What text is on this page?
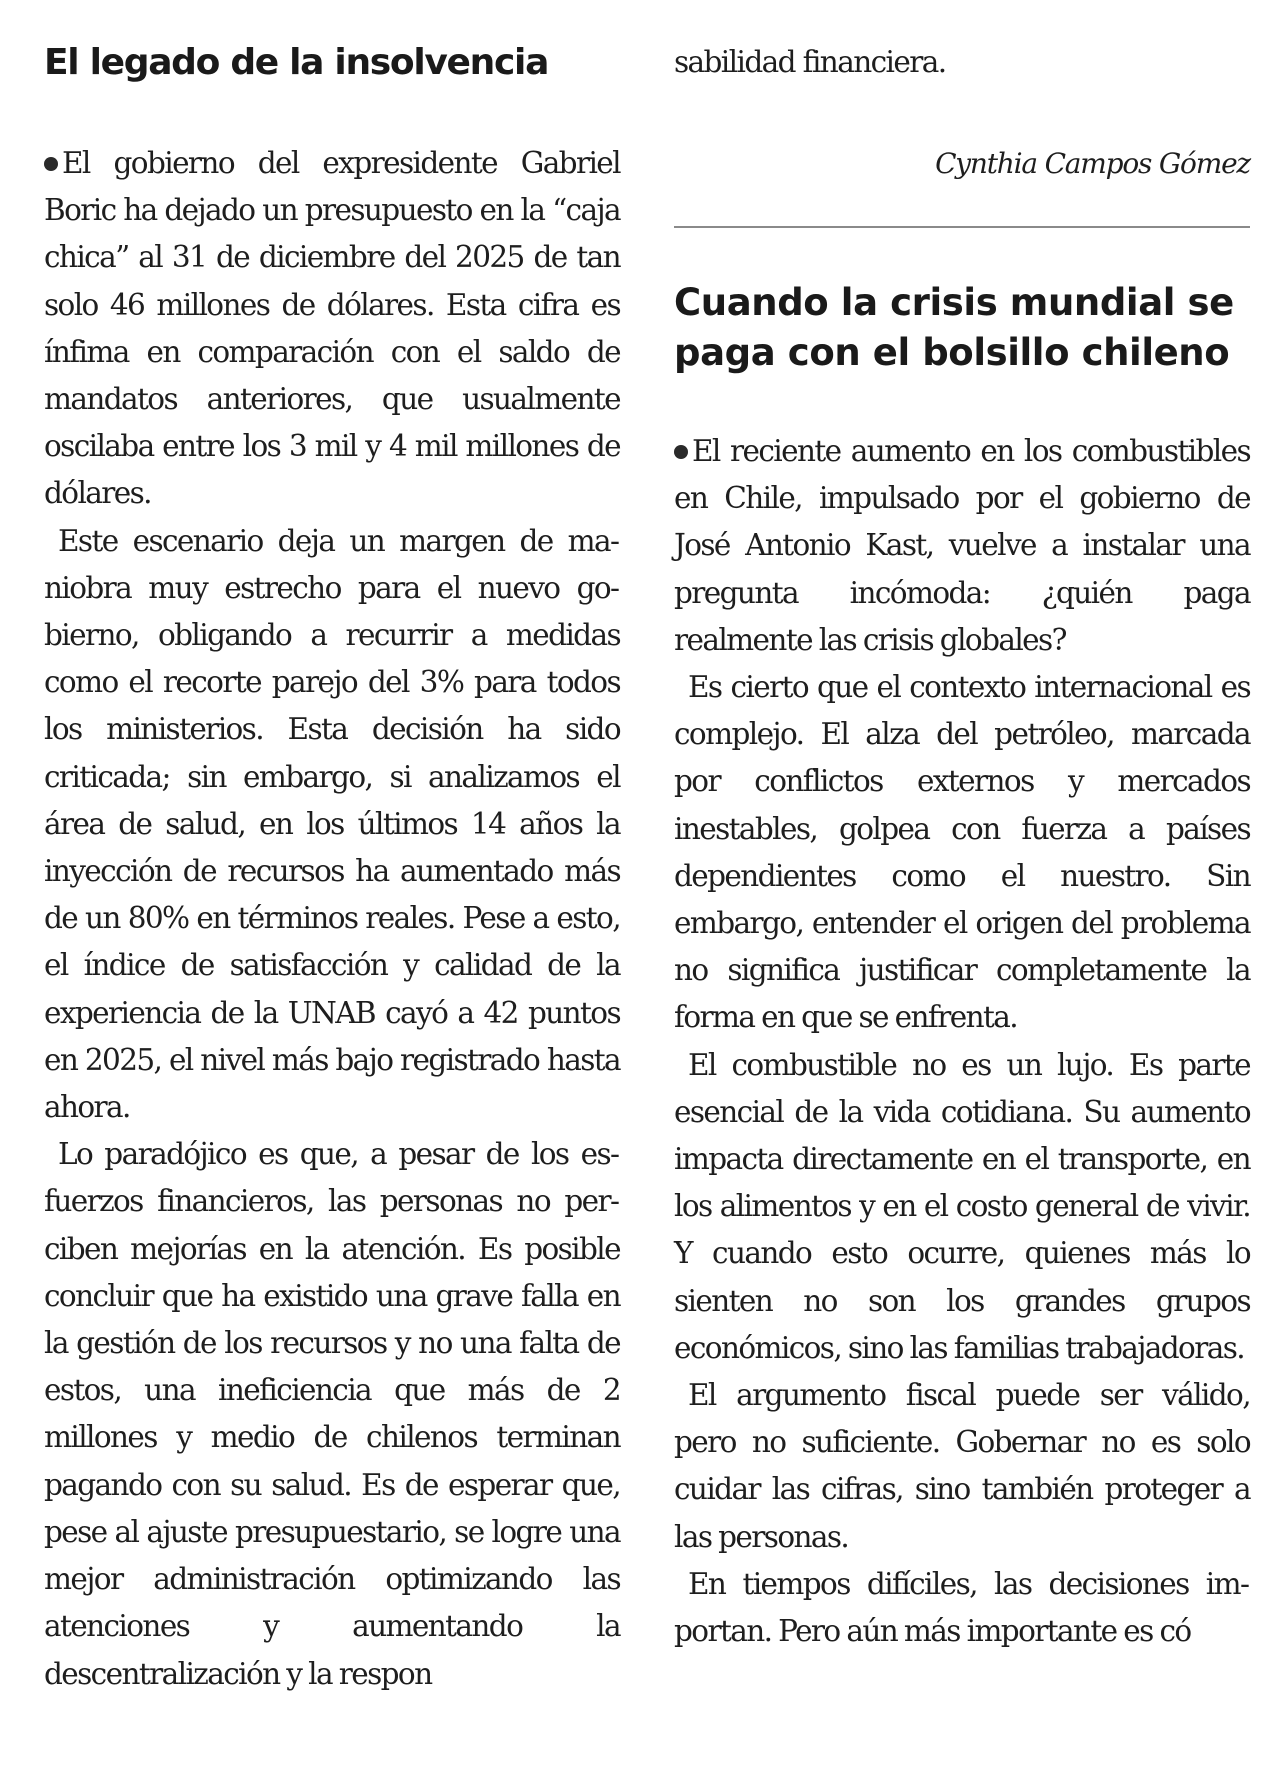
El legado de la insolvencia

El gobierno del expresidente Gabriel Boric ha dejado un presupuesto en la “caja chica” al 31 de diciembre del 2025 de tan solo 46 millones de dólares. Esta cifra es ínfima en comparación con el saldo de mandatos anteriores, que usualmente oscilaba entre los 3 mil y 4 mil millones de dólares.

Este escenario deja un margen de maniobra muy estrecho para el nuevo gobierno, obligando a recurrir a medidas como el recorte parejo del 3% para todos los ministerios. Esta decisión ha sido criticada; sin embargo, si analizamos el área de salud, en los últimos 14 años la inyección de recursos ha aumentado más de un 80% en términos reales. Pese a esto, el índice de satisfacción y calidad de la experiencia de la UNAB cayó a 42 puntos en 2025, el nivel más bajo registrado hasta ahora.

Lo paradójico es que, a pesar de los esfuerzos financieros, las personas no perciben mejorías en la atención. Es posible concluir que ha existido una grave falla en la gestión de los recursos y no una falta de estos, una ineficiencia que más de 2 millones y medio de chilenos terminan pagando con su salud. Es de esperar que, pese al ajuste presupuestario, se logre una mejor administración optimizando las atenciones y aumentando la descentralización y la respon

sabilidad financiera.

Cynthia Campos Gómez

Cuando la crisis mundial se paga con el bolsillo chileno

El reciente aumento en los combustibles en Chile, impulsado por el gobierno de José Antonio Kast, vuelve a instalar una pregunta incómoda: ¿quién paga realmente las crisis globales?

Es cierto que el contexto internacional es complejo. El alza del petróleo, marcada por conflictos externos y mercados inestables, golpea con fuerza a países dependientes como el nuestro. Sin embargo, entender el origen del problema no significa justificar completamente la forma en que se enfrenta.

El combustible no es un lujo. Es parte esencial de la vida cotidiana. Su aumento impacta directamente en el transporte, en los alimentos y en el costo general de vivir. Y cuando esto ocurre, quienes más lo sienten no son los grandes grupos económicos, sino las familias trabajadoras.

El argumento fiscal puede ser válido, pero no suficiente. Gobernar no es solo cuidar las cifras, sino también proteger a las personas.

En tiempos difíciles, las decisiones importan. Pero aún más importante es có
